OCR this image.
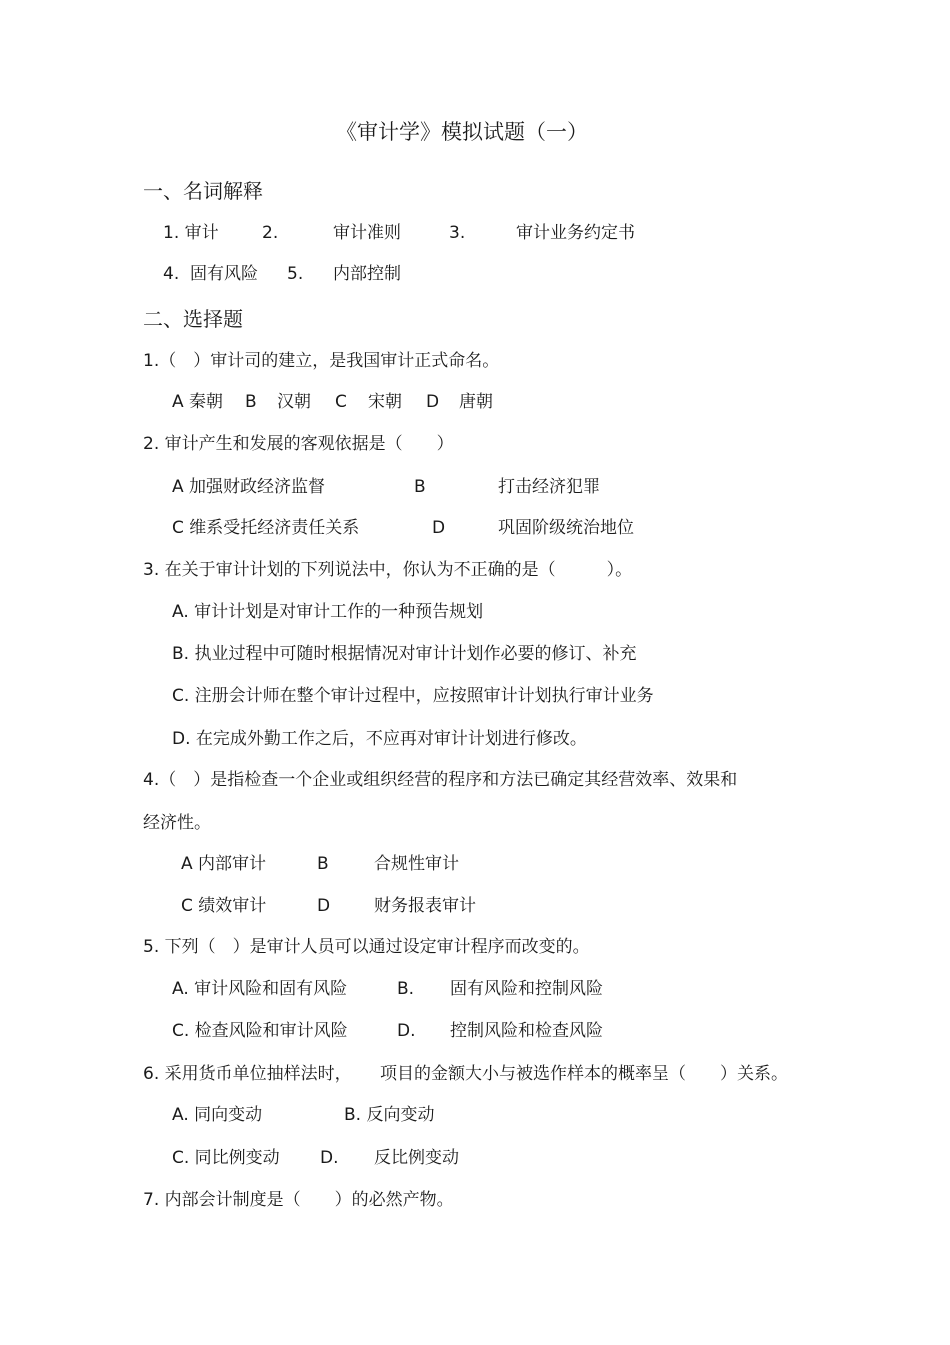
《审计学》模拟试题（一）
一、名词解释
1. 审计	2.	审计准则	3.	审计业务约定书
4. 固有风险 5. 内部控制
二、选择题
1.（　）审计司的建立，是我国审计正式命名。
A 秦朝 B 汉朝 C 宋朝 D 唐朝
2. 审计产生和发展的客观依据是（　　）
A 加强财政经济监督	B	打击经济犯罪
C 维系受托经济责任关系	D	巩固阶级统治地位
3. 在关于审计计划的下列说法中，你认为不正确的是（　　　）。
A. 审计计划是对审计工作的一种预告规划
B. 执业过程中可随时根据情况对审计计划作必要的修订、补充
C. 注册会计师在整个审计过程中，应按照审计计划执行审计业务
D. 在完成外勤工作之后，不应再对审计计划进行修改。
4.（　）是指检查一个企业或组织经营的程序和方法已确定其经营效率、效果和
经济性。
A 内部审计	B	合规性审计
C 绩效审计	D	财务报表审计
5. 下列（　）是审计人员可以通过设定审计程序而改变的。
A. 审计风险和固有风险	B. 固有风险和控制风险
C. 检查风险和审计风险	D. 控制风险和检查风险
6. 采用货币单位抽样法时， 项目的金额大小与被选作样本的概率呈（　　）关系。
A. 同向变动	B. 反向变动
C. 同比例变动 D. 反比例变动
7. 内部会计制度是（　　）的必然产物。
